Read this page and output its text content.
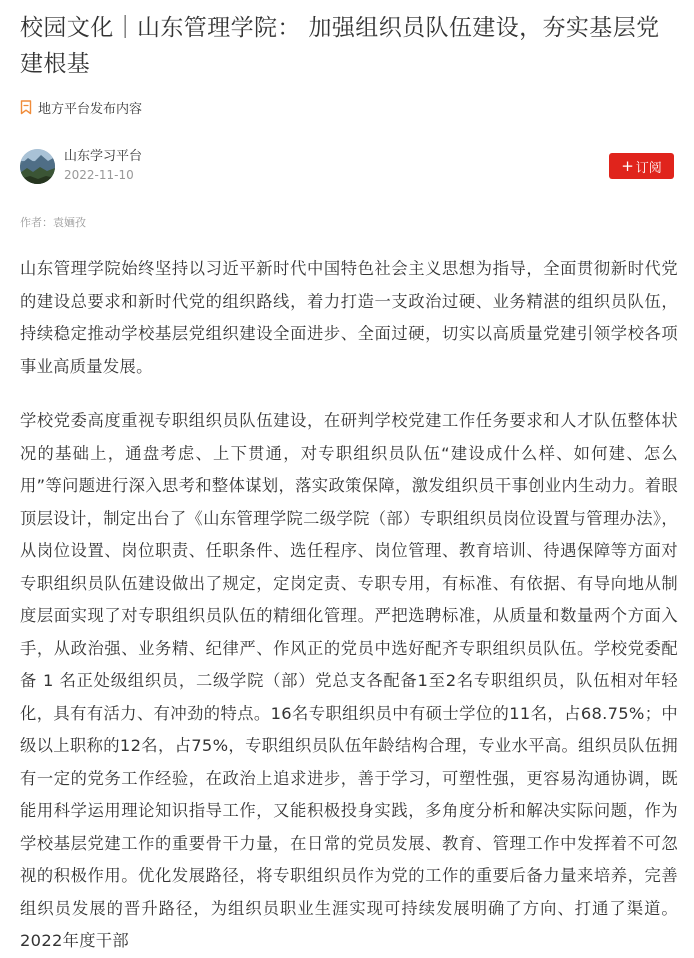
校园文化｜山东管理学院： 加强组织员队伍建设，夯实基层党建根基
地方平台发布内容
山东学习平台
2022-11-10
+ 订阅
作者：袁婳孜

山东管理学院始终坚持以习近平新时代中国特色社会主义思想为指导，全面贯彻新时代党的建设总要求和新时代党的组织路线，着力打造一支政治过硬、业务精湛的组织员队伍，持续稳定推动学校基层党组织建设全面进步、全面过硬，切实以高质量党建引领学校各项事业高质量发展。

学校党委高度重视专职组织员队伍建设，在研判学校党建工作任务要求和人才队伍整体状况的基础上，通盘考虑、上下贯通，对专职组织员队伍“建设成什么样、如何建、怎么用”等问题进行深入思考和整体谋划，落实政策保障，激发组织员干事创业内生动力。着眼顶层设计，制定出台了《山东管理学院二级学院（部）专职组织员岗位设置与管理办法》，从岗位设置、岗位职责、任职条件、选任程序、岗位管理、教育培训、待遇保障等方面对专职组织员队伍建设做出了规定，定岗定责、专职专用，有标准、有依据、有导向地从制度层面实现了对专职组织员队伍的精细化管理。严把选聘标准，从质量和数量两个方面入手，从政治强、业务精、纪律严、作风正的党员中选好配齐专职组织员队伍。学校党委配备 1 名正处级组织员，二级学院（部）党总支各配备1至2名专职组织员，队伍相对年轻化，具有有活力、有冲劲的特点。16名专职组织员中有硕士学位的11名，占68.75%；中级以上职称的12名，占75%，专职组织员队伍年龄结构合理，专业水平高。组织员队伍拥有一定的党务工作经验，在政治上追求进步，善于学习，可塑性强，更容易沟通协调，既能用科学运用理论知识指导工作，又能积极投身实践，多角度分析和解决实际问题，作为学校基层党建工作的重要骨干力量，在日常的党员发展、教育、管理工作中发挥着不可忽视的积极作用。优化发展路径，将专职组织员作为党的工作的重要后备力量来培养，完善组织员发展的晋升路径，为组织员职业生涯实现可持续发展明确了方向、打通了渠道。2022年度干部
